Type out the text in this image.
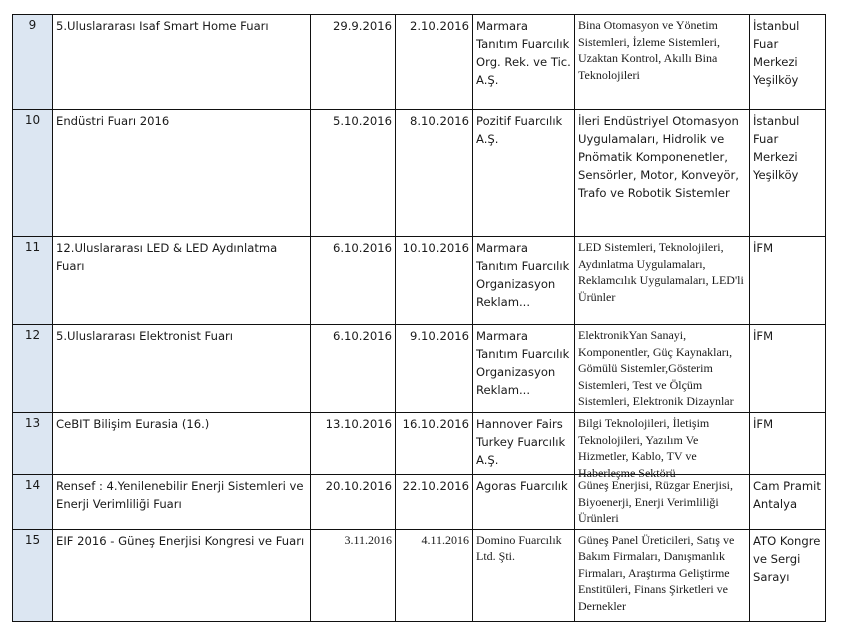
9	5.Uluslararası Isaf Smart Home Fuarı	29.9.2016	2.10.2016	Marmara Tanıtım Fuarcılık Org. Rek. ve Tic. A.Ş.	Bina Otomasyon ve Yönetim Sistemleri, İzleme Sistemleri, Uzaktan Kontrol, Akıllı Bina Teknolojileri	İstanbul Fuar Merkezi Yeşilköy
10	Endüstri Fuarı 2016	5.10.2016	8.10.2016	Pozitif Fuarcılık A.Ş.	İleri Endüstriyel Otomasyon Uygulamaları, Hidrolik ve Pnömatik Komponenetler, Sensörler, Motor, Konveyör, Trafo ve Robotik Sistemler	İstanbul Fuar Merkezi Yeşilköy
11	12.Uluslararası LED & LED Aydınlatma Fuarı	6.10.2016	10.10.2016	Marmara Tanıtım Fuarcılık Organizasyon Reklam...	LED Sistemleri, Teknolojileri, Aydınlatma Uygulamaları, Reklamcılık Uygulamaları, LED'li Ürünler	İFM
12	5.Uluslararası Elektronist Fuarı	6.10.2016	9.10.2016	Marmara Tanıtım Fuarcılık Organizasyon Reklam...	ElektronikYan Sanayi, Komponentler, Güç Kaynakları, Gömülü Sistemler,Gösterim Sistemleri, Test ve Ölçüm Sistemleri, Elektronik Dizaynlar	İFM
13	CeBIT Bilişim Eurasia (16.)	13.10.2016	16.10.2016	Hannover Fairs Turkey Fuarcılık A.Ş.	Bilgi Teknolojileri, İletişim Teknolojileri, Yazılım Ve Hizmetler, Kablo, TV ve Haberleşme Sektörü	İFM
14	Rensef : 4.Yenilenebilir Enerji Sistemleri ve Enerji Verimliliği Fuarı	20.10.2016	22.10.2016	Agoras Fuarcılık	Güneş Enerjisi, Rüzgar Enerjisi, Biyoenerji, Enerji Verimliliği Ürünleri	Cam Pramit Antalya
15	EIF 2016 - Güneş Enerjisi Kongresi ve Fuarı	3.11.2016	4.11.2016	Domino Fuarcılık Ltd. Şti.	Güneş Panel Üreticileri, Satış ve Bakım Firmaları, Danışmanlık Firmaları, Araştırma Geliştirme Enstitüleri, Finans Şirketleri ve Dernekler	ATO Kongre ve Sergi Sarayı
